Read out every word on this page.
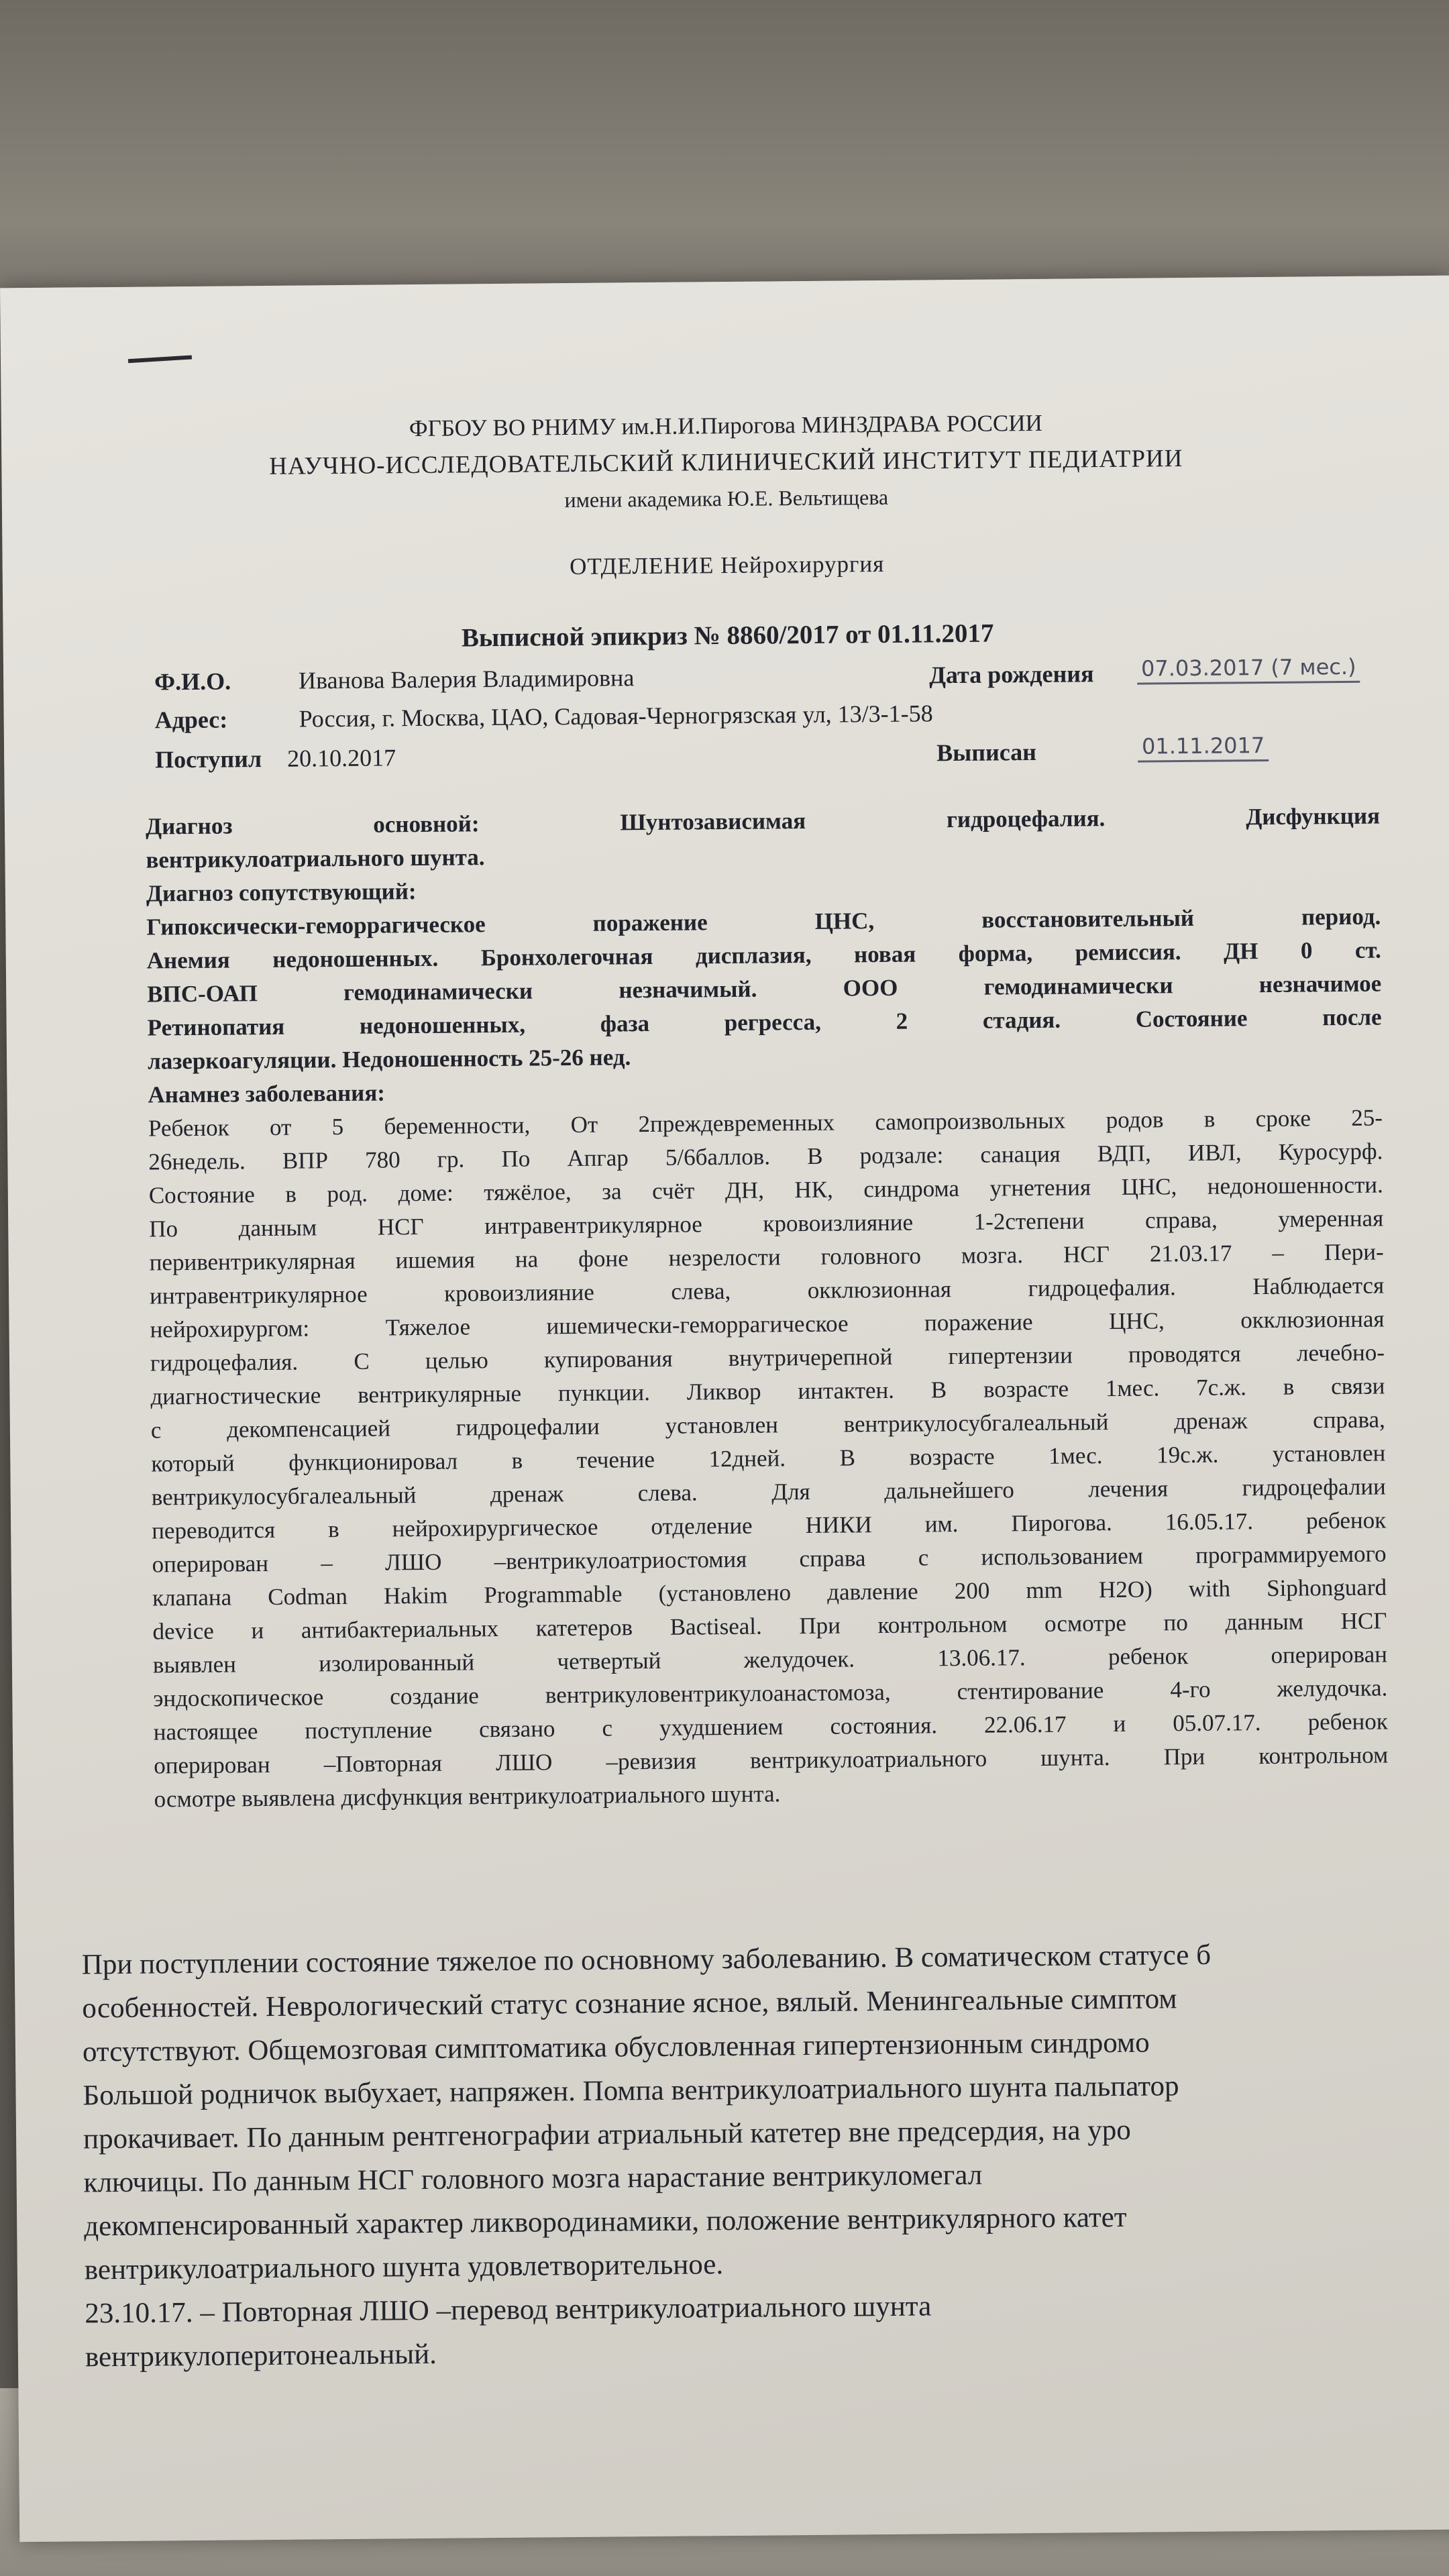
ФГБОУ ВО РНИМУ им.Н.И.Пирогова МИНЗДРАВА РОССИИ
НАУЧНО-ИССЛЕДОВАТЕЛЬСКИЙ КЛИНИЧЕСКИЙ ИНСТИТУТ ПЕДИАТРИИ
имени академика Ю.Е. Вельтищева
ОТДЕЛЕНИЕ Нейрохирургия
Выписной эпикриз № 8860/2017 от 01.11.2017
Ф.И.О.	Иванова Валерия Владимировна	Дата рождения 07.03.2017 (7 мес.)
Адрес:	Россия, г. Москва, ЦАО, Садовая-Черногрязская ул, 13/3-1-58
Поступил 20.10.2017	Выписан	01.11.2017
Диагноз основной: Шунтозависимая гидроцефалия. Дисфункция
вентрикулоатриального шунта.
Диагноз сопутствующий:
Гипоксически-геморрагическое поражение ЦНС, восстановительный период.
Анемия недоношенных. Бронхолегочная дисплазия, новая форма, ремиссия. ДН 0 ст.
ВПС-ОАП гемодинамически незначимый. ООО гемодинамически незначимое
Ретинопатия недоношенных, фаза регресса, 2 стадия. Состояние после
лазеркоагуляции. Недоношенность 25-26 нед.
Анамнез заболевания:
Ребенок от 5 беременности, От 2преждевременных самопроизвольных родов в сроке 25-
26недель. ВПР 780 гр. По Апгар 5/6баллов. В родзале: санация ВДП, ИВЛ, Куросурф.
Состояние в род. доме: тяжёлое, за счёт ДН, НК, синдрома угнетения ЦНС, недоношенности.
По данным НСГ интравентрикулярное кровоизлияние 1-2степени справа, умеренная
перивентрикулярная ишемия на фоне незрелости головного мозга. НСГ 21.03.17 – Пери-
интравентрикулярное кровоизлияние слева, окклюзионная гидроцефалия. Наблюдается
нейрохирургом: Тяжелое ишемически-геморрагическое поражение ЦНС, окклюзионная
гидроцефалия. С целью купирования внутричерепной гипертензии проводятся лечебно-
диагностические вентрикулярные пункции. Ликвор интактен. В возрасте 1мес. 7с.ж. в связи
с декомпенсацией гидроцефалии установлен вентрикулосубгалеальный дренаж справа,
который функционировал в течение 12дней. В возрасте 1мес. 19с.ж. установлен
вентрикулосубгалеальный дренаж слева. Для дальнейшего лечения гидроцефалии
переводится в нейрохирургическое отделение НИКИ им. Пирогова. 16.05.17. ребенок
оперирован – ЛШО –вентрикулоатриостомия справа с использованием программируемого
клапана Codman Hakim Programmable (установлено давление 200 mm H2O) with Siphonguard
device и антибактериальных катетеров Bactiseal. При контрольном осмотре по данным НСГ
выявлен изолированный четвертый желудочек. 13.06.17. ребенок оперирован
эндоскопическое создание вентрикуловентрикулоанастомоза, стентирование 4-го желудочка.
настоящее поступление связано с ухудшением состояния. 22.06.17 и 05.07.17. ребенок
оперирован –Повторная ЛШО –ревизия вентрикулоатриального шунта. При контрольном
осмотре выявлена дисфункция вентрикулоатриального шунта.
При поступлении состояние тяжелое по основному заболеванию. В соматическом статусе б
особенностей. Неврологический статус сознание ясное, вялый. Менингеальные симптом
отсутствуют. Общемозговая симптоматика обусловленная гипертензионным синдромо
Большой родничок выбухает, напряжен. Помпа вентрикулоатриального шунта пальпатор
прокачивает. По данным рентгенографии атриальный катетер вне предсердия, на уро
ключицы. По данным НСГ головного мозга нарастание вентрикуломегал
декомпенсированный характер ликвородинамики, положение вентрикулярного катет
вентрикулоатриального шунта удовлетворительное.
23.10.17. – Повторная ЛШО –перевод вентрикулоатриального шунта
вентрикулоперитонеальный.
